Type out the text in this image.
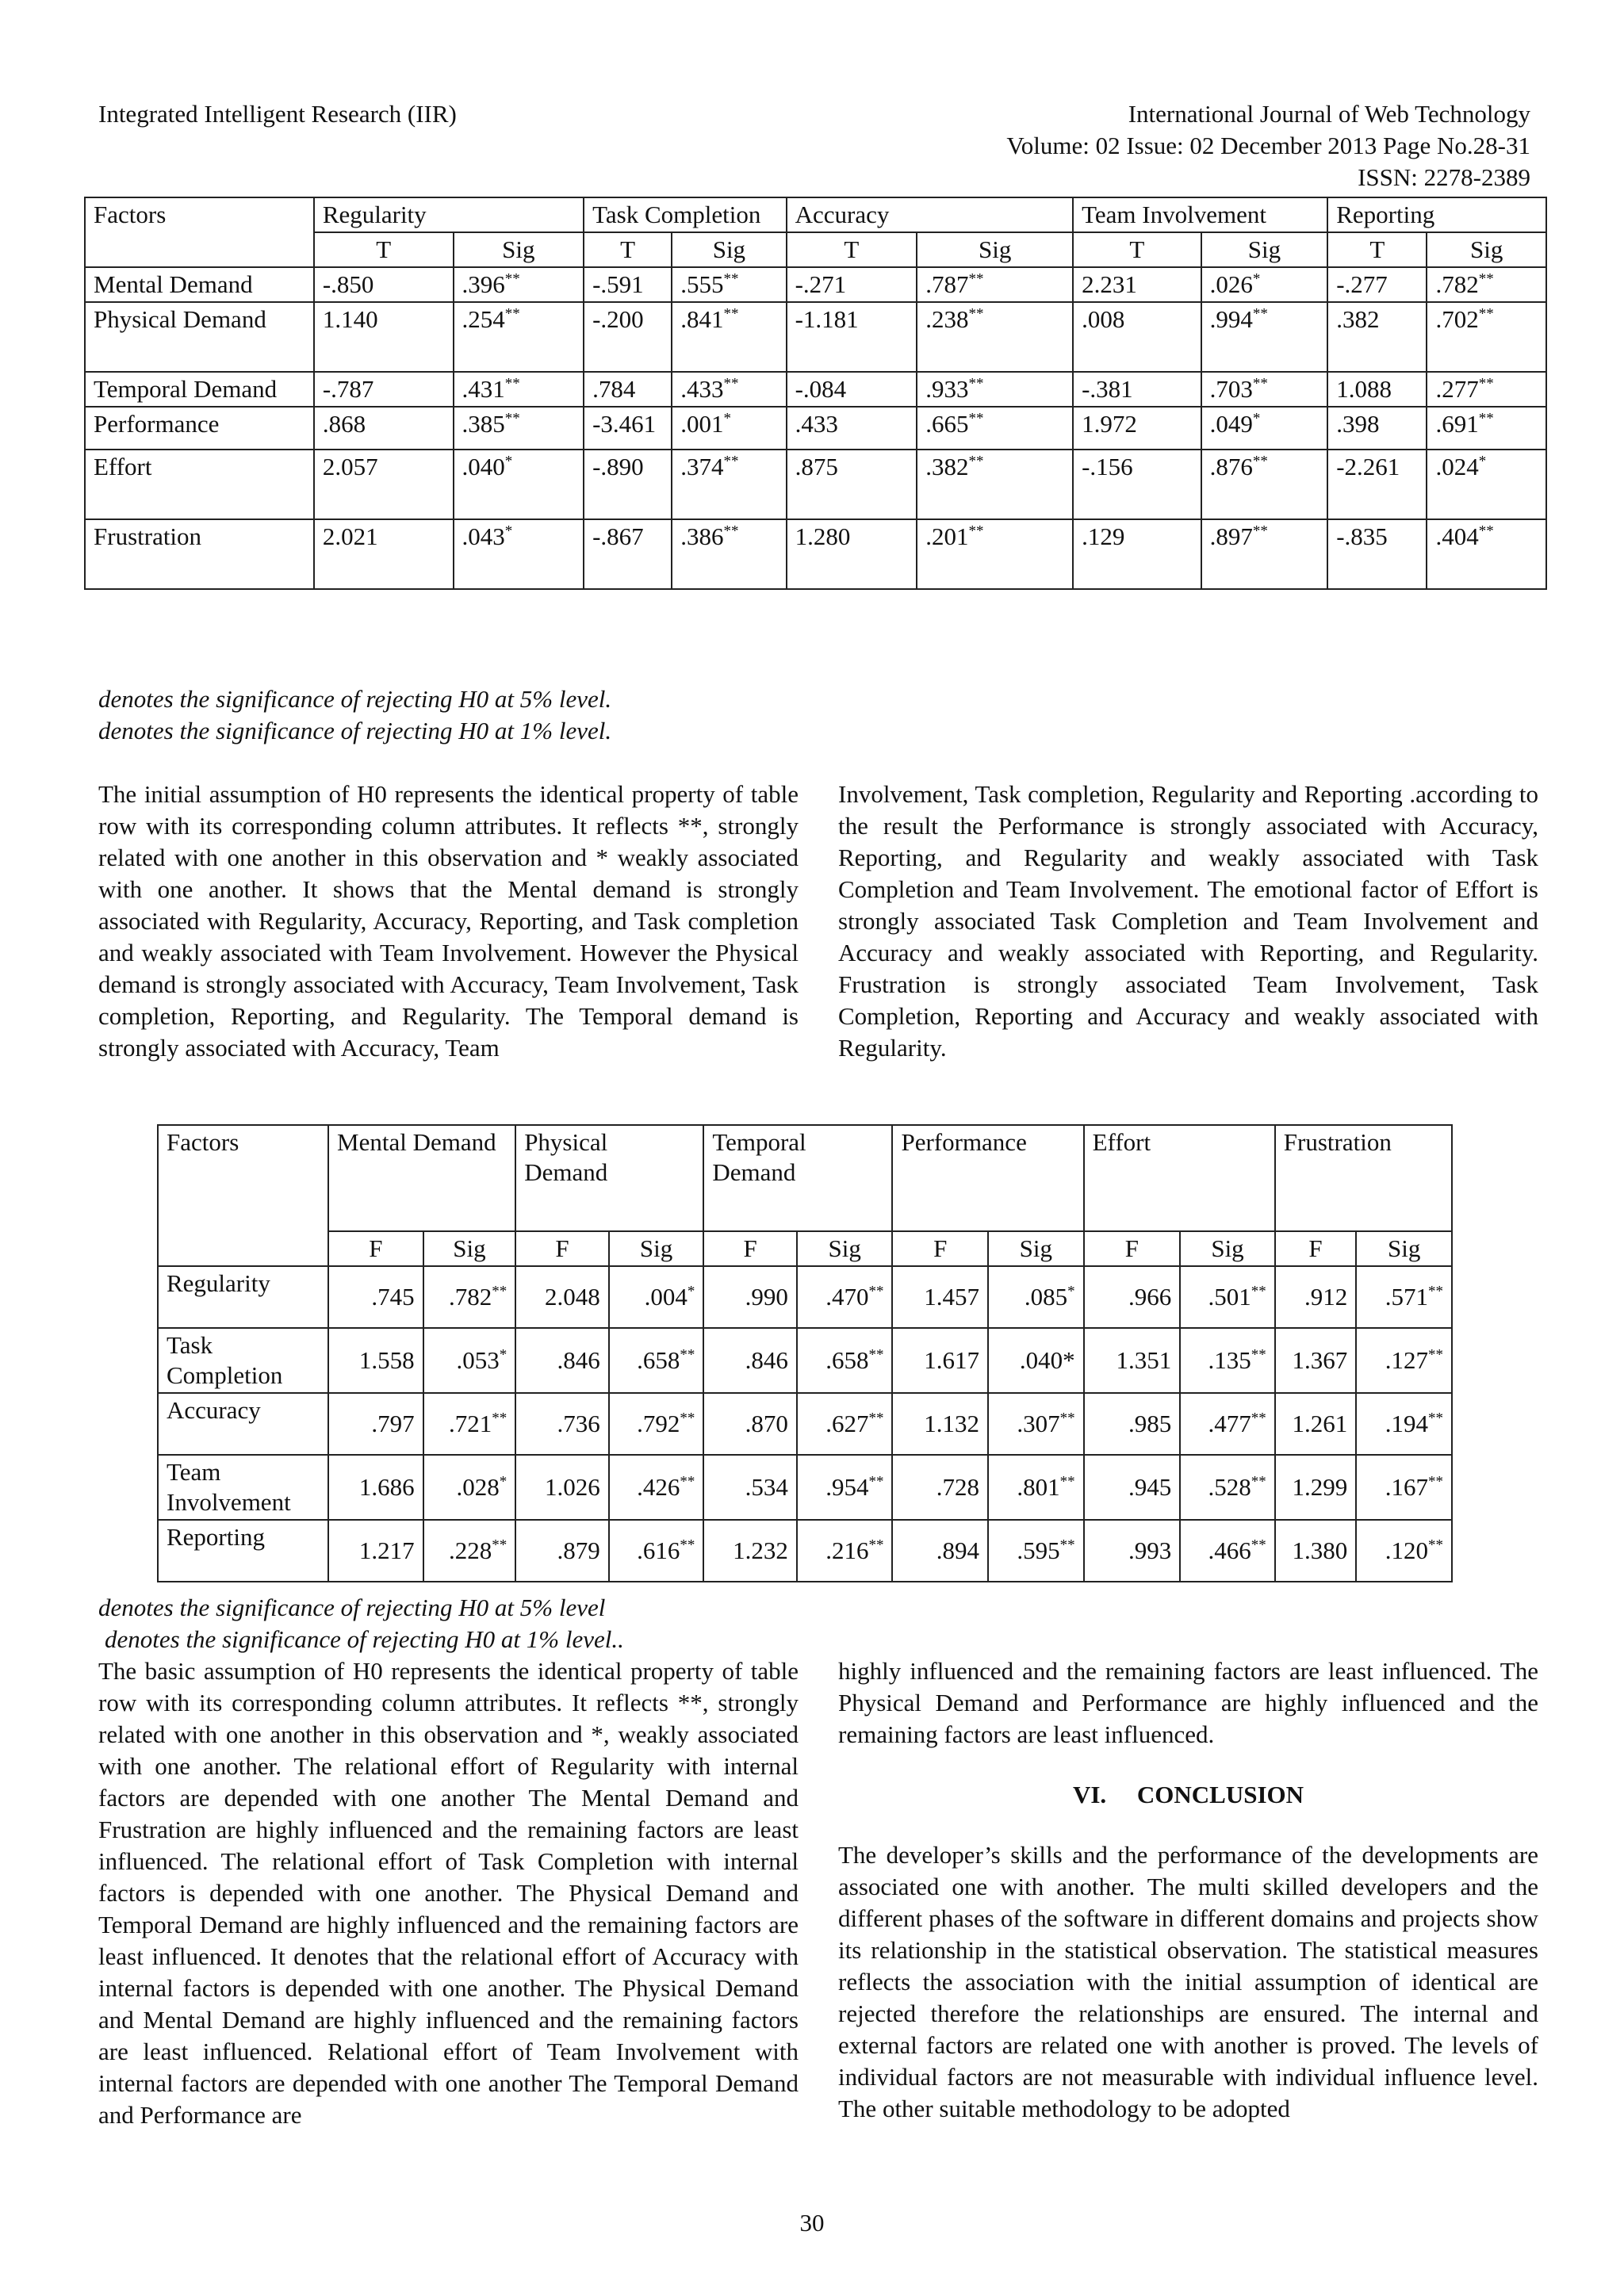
Integrated Intelligent Research (IIR)	International Journal of Web Technology
Volume: 02 Issue: 02 December 2013 Page No.28-31
ISSN: 2278-2389
Factors	Regularity		Task Completion		Accuracy		Team Involvement		Reporting	
	T	Sig	T	Sig	T	Sig	T	Sig	T	Sig
Mental Demand	-.850	.396**	-.591	.555**	-.271	.787**	2.231	.026*	-.277	.782**
Physical Demand	1.140	.254**	-.200	.841**	-1.181	.238**	.008	.994**	.382	.702**
Temporal Demand	-.787	.431**	.784	.433**	-.084	.933**	-.381	.703**	1.088	.277**
Performance	.868	.385**	-3.461	.001*	.433	.665**	1.972	.049*	.398	.691**
Effort	2.057	.040*	-.890	.374**	.875	.382**	-.156	.876**	-2.261	.024*
Frustration	2.021	.043*	-.867	.386**	1.280	.201**	.129	.897**	-.835	.404**
denotes the significance of rejecting H0 at 5% level.
denotes the significance of rejecting H0 at 1% level.

The initial assumption of H0 represents the identical property of table row with its corresponding column attributes. It reflects **, strongly related with one another in this observation and * weakly associated with one another. It shows that the Mental demand is strongly associated with Regularity, Accuracy, Reporting, and Task completion and weakly associated with Team Involvement. However the Physical demand is strongly associated with Accuracy, Team Involvement, Task completion, Reporting, and Regularity. The Temporal demand is strongly associated with Accuracy, Team

Involvement, Task completion, Regularity and Reporting .according to the result the Performance is strongly associated with Accuracy, Reporting, and Regularity and weakly associated with Task Completion and Team Involvement. The emotional factor of Effort is strongly associated Task Completion and Team Involvement and Accuracy and weakly associated with Reporting, and Regularity. Frustration is strongly associated Team Involvement, Task Completion, Reporting and Accuracy and weakly associated with Regularity.

Factors	Mental Demand		Physical Demand		Temporal Demand		Performance		Effort		Frustration	
	F	Sig	F	Sig	F	Sig	F	Sig	F	Sig	F	Sig
Regularity	.745	.782**	2.048	.004*	.990	.470**	1.457	.085*	.966	.501**	.912	.571**
Task Completion	1.558	.053*	.846	.658**	.846	.658**	1.617	.040*	1.351	.135**	1.367	.127**
Accuracy	.797	.721**	.736	.792**	.870	.627**	1.132	.307**	.985	.477**	1.261	.194**
Team Involvement	1.686	.028*	1.026	.426**	.534	.954**	.728	.801**	.945	.528**	1.299	.167**
Reporting	1.217	.228**	.879	.616**	1.232	.216**	.894	.595**	.993	.466**	1.380	.120**
denotes the significance of rejecting H0 at 5% level
denotes the significance of rejecting H0 at 1% level..

The basic assumption of H0 represents the identical property of table row with its corresponding column attributes. It reflects **, strongly related with one another in this observation and *, weakly associated with one another. The relational effort of Regularity with internal factors are depended with one another The Mental Demand and Frustration are highly influenced and the remaining factors are least influenced. The relational effort of Task Completion with internal factors is depended with one another. The Physical Demand and Temporal Demand are highly influenced and the remaining factors are least influenced. It denotes that the relational effort of Accuracy with internal factors is depended with one another. The Physical Demand and Mental Demand are highly influenced and the remaining factors are least influenced. Relational effort of Team Involvement with internal factors are depended with one another The Temporal Demand and Performance are

highly influenced and the remaining factors are least influenced. The Physical Demand and Performance are highly influenced and the remaining factors are least influenced.

VI.     CONCLUSION

The developer’s skills and the performance of the developments are associated one with another. The multi skilled developers and the different phases of the software in different domains and projects show its relationship in the statistical observation. The statistical measures reflects the association with the initial assumption of identical are rejected therefore the relationships are ensured. The internal and external factors are related one with another is proved. The levels of individual factors are not measurable with individual influence level. The other suitable methodology to be adopted

30
